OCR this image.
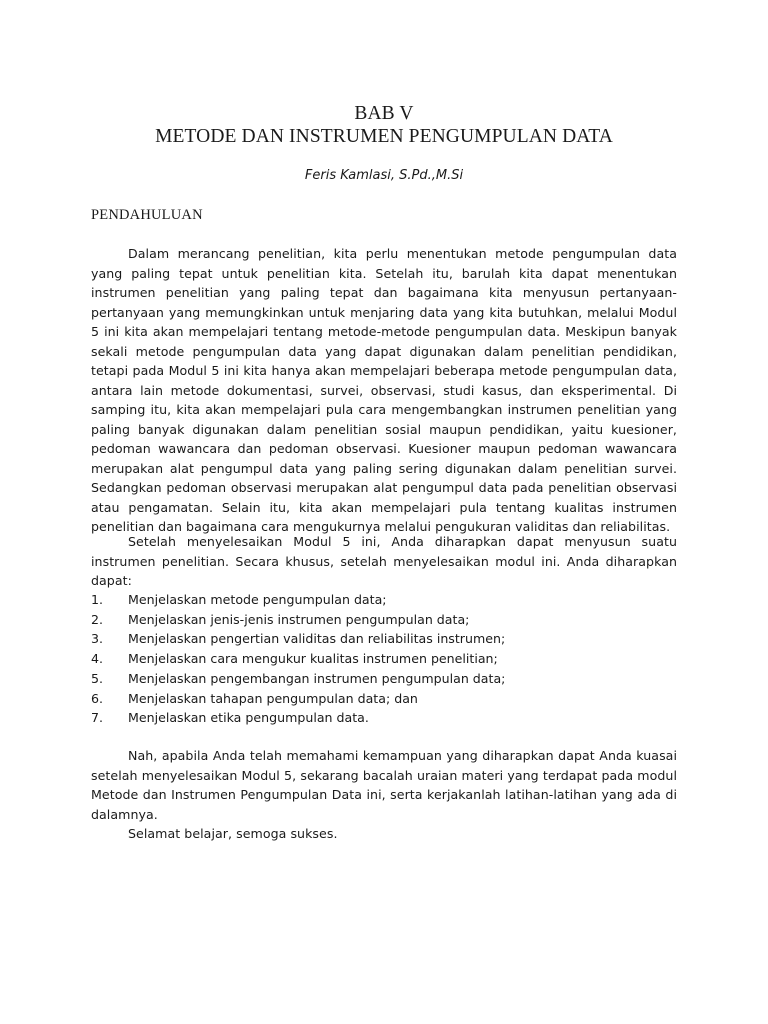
BAB V
METODE DAN INSTRUMEN PENGUMPULAN DATA
Feris Kamlasi, S.Pd.,M.Si
PENDAHULUAN

Dalam merancang penelitian, kita perlu menentukan metode pengumpulan data yang paling tepat untuk penelitian kita. Setelah itu, barulah kita dapat menentukan instrumen penelitian yang paling tepat dan bagaimana kita menyusun pertanyaan-pertanyaan yang memungkinkan untuk menjaring data yang kita butuhkan, melalui Modul 5 ini kita akan mempelajari tentang metode-metode pengumpulan data. Meskipun banyak sekali metode pengumpulan data yang dapat digunakan dalam penelitian pendidikan, tetapi pada Modul 5 ini kita hanya akan mempelajari beberapa metode pengumpulan data, antara lain metode dokumentasi, survei, observasi, studi kasus, dan eksperimental. Di samping itu, kita akan mempelajari pula cara mengembangkan instrumen penelitian yang paling banyak digunakan dalam penelitian sosial maupun pendidikan, yaitu kuesioner, pedoman wawancara dan pedoman observasi. Kuesioner maupun pedoman wawancara merupakan alat pengumpul data yang paling sering digunakan dalam penelitian survei. Sedangkan pedoman observasi merupakan alat pengumpul data pada penelitian observasi atau pengamatan. Selain itu, kita akan mempelajari pula tentang kualitas instrumen penelitian dan bagaimana cara mengukurnya melalui pengukuran validitas dan reliabilitas.

Setelah menyelesaikan Modul 5 ini, Anda diharapkan dapat menyusun suatu instrumen penelitian. Secara khusus, setelah menyelesaikan modul ini. Anda diharapkan dapat:

1.	Menjelaskan metode pengumpulan data;
2.	Menjelaskan jenis-jenis instrumen pengumpulan data;
3.	Menjelaskan pengertian validitas dan reliabilitas instrumen;
4.	Menjelaskan cara mengukur kualitas instrumen penelitian;
5.	Menjelaskan pengembangan instrumen pengumpulan data;
6.	Menjelaskan tahapan pengumpulan data; dan
7.	Menjelaskan etika pengumpulan data.

Nah, apabila Anda telah memahami kemampuan yang diharapkan dapat Anda kuasai setelah menyelesaikan Modul 5, sekarang bacalah uraian materi yang terdapat pada modul Metode dan Instrumen Pengumpulan Data ini, serta kerjakanlah latihan-latihan yang ada di dalamnya.

Selamat belajar, semoga sukses.
